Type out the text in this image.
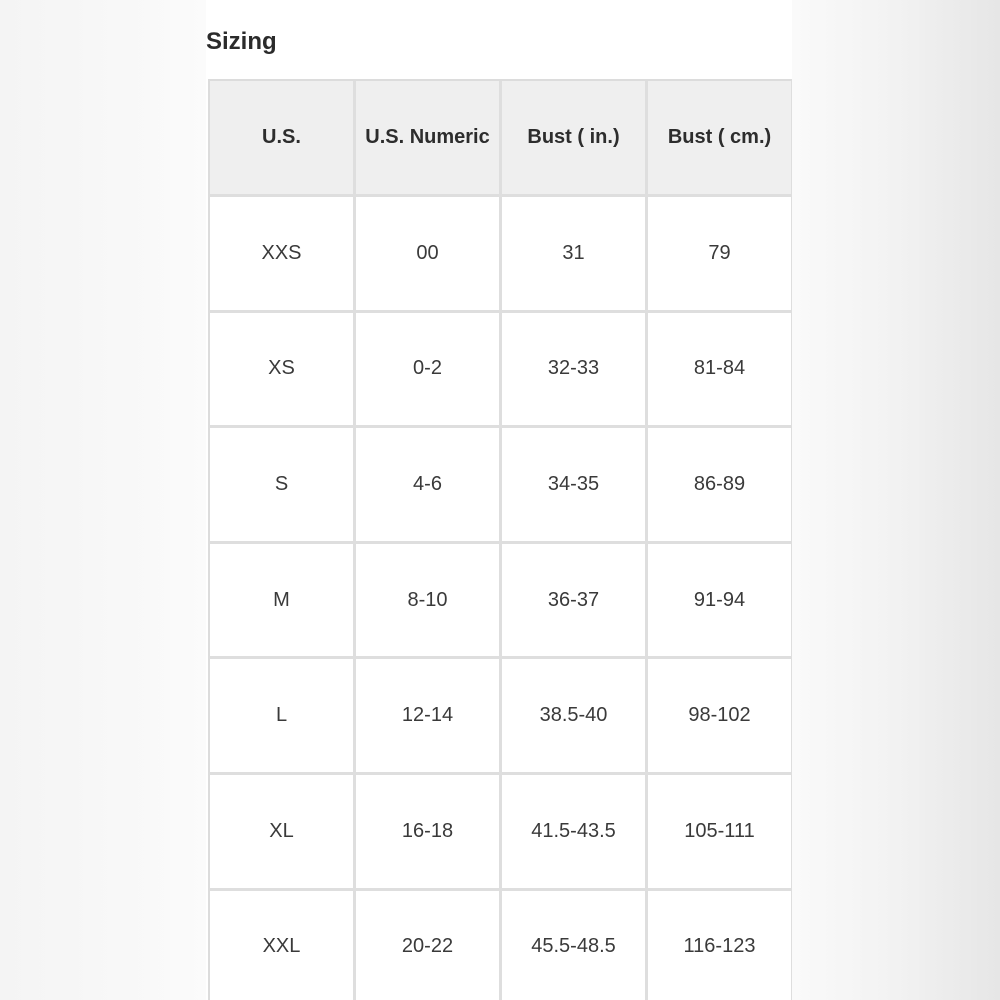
Sizing
U.S.	U.S. Numeric	Bust ( in.)	Bust ( cm.)
XXS	00	31	79
XS	0-2	32-33	81-84
S	4-6	34-35	86-89
M	8-10	36-37	91-94
L	12-14	38.5-40	98-102
XL	16-18	41.5-43.5	105-111
XXL	20-22	45.5-48.5	116-123
